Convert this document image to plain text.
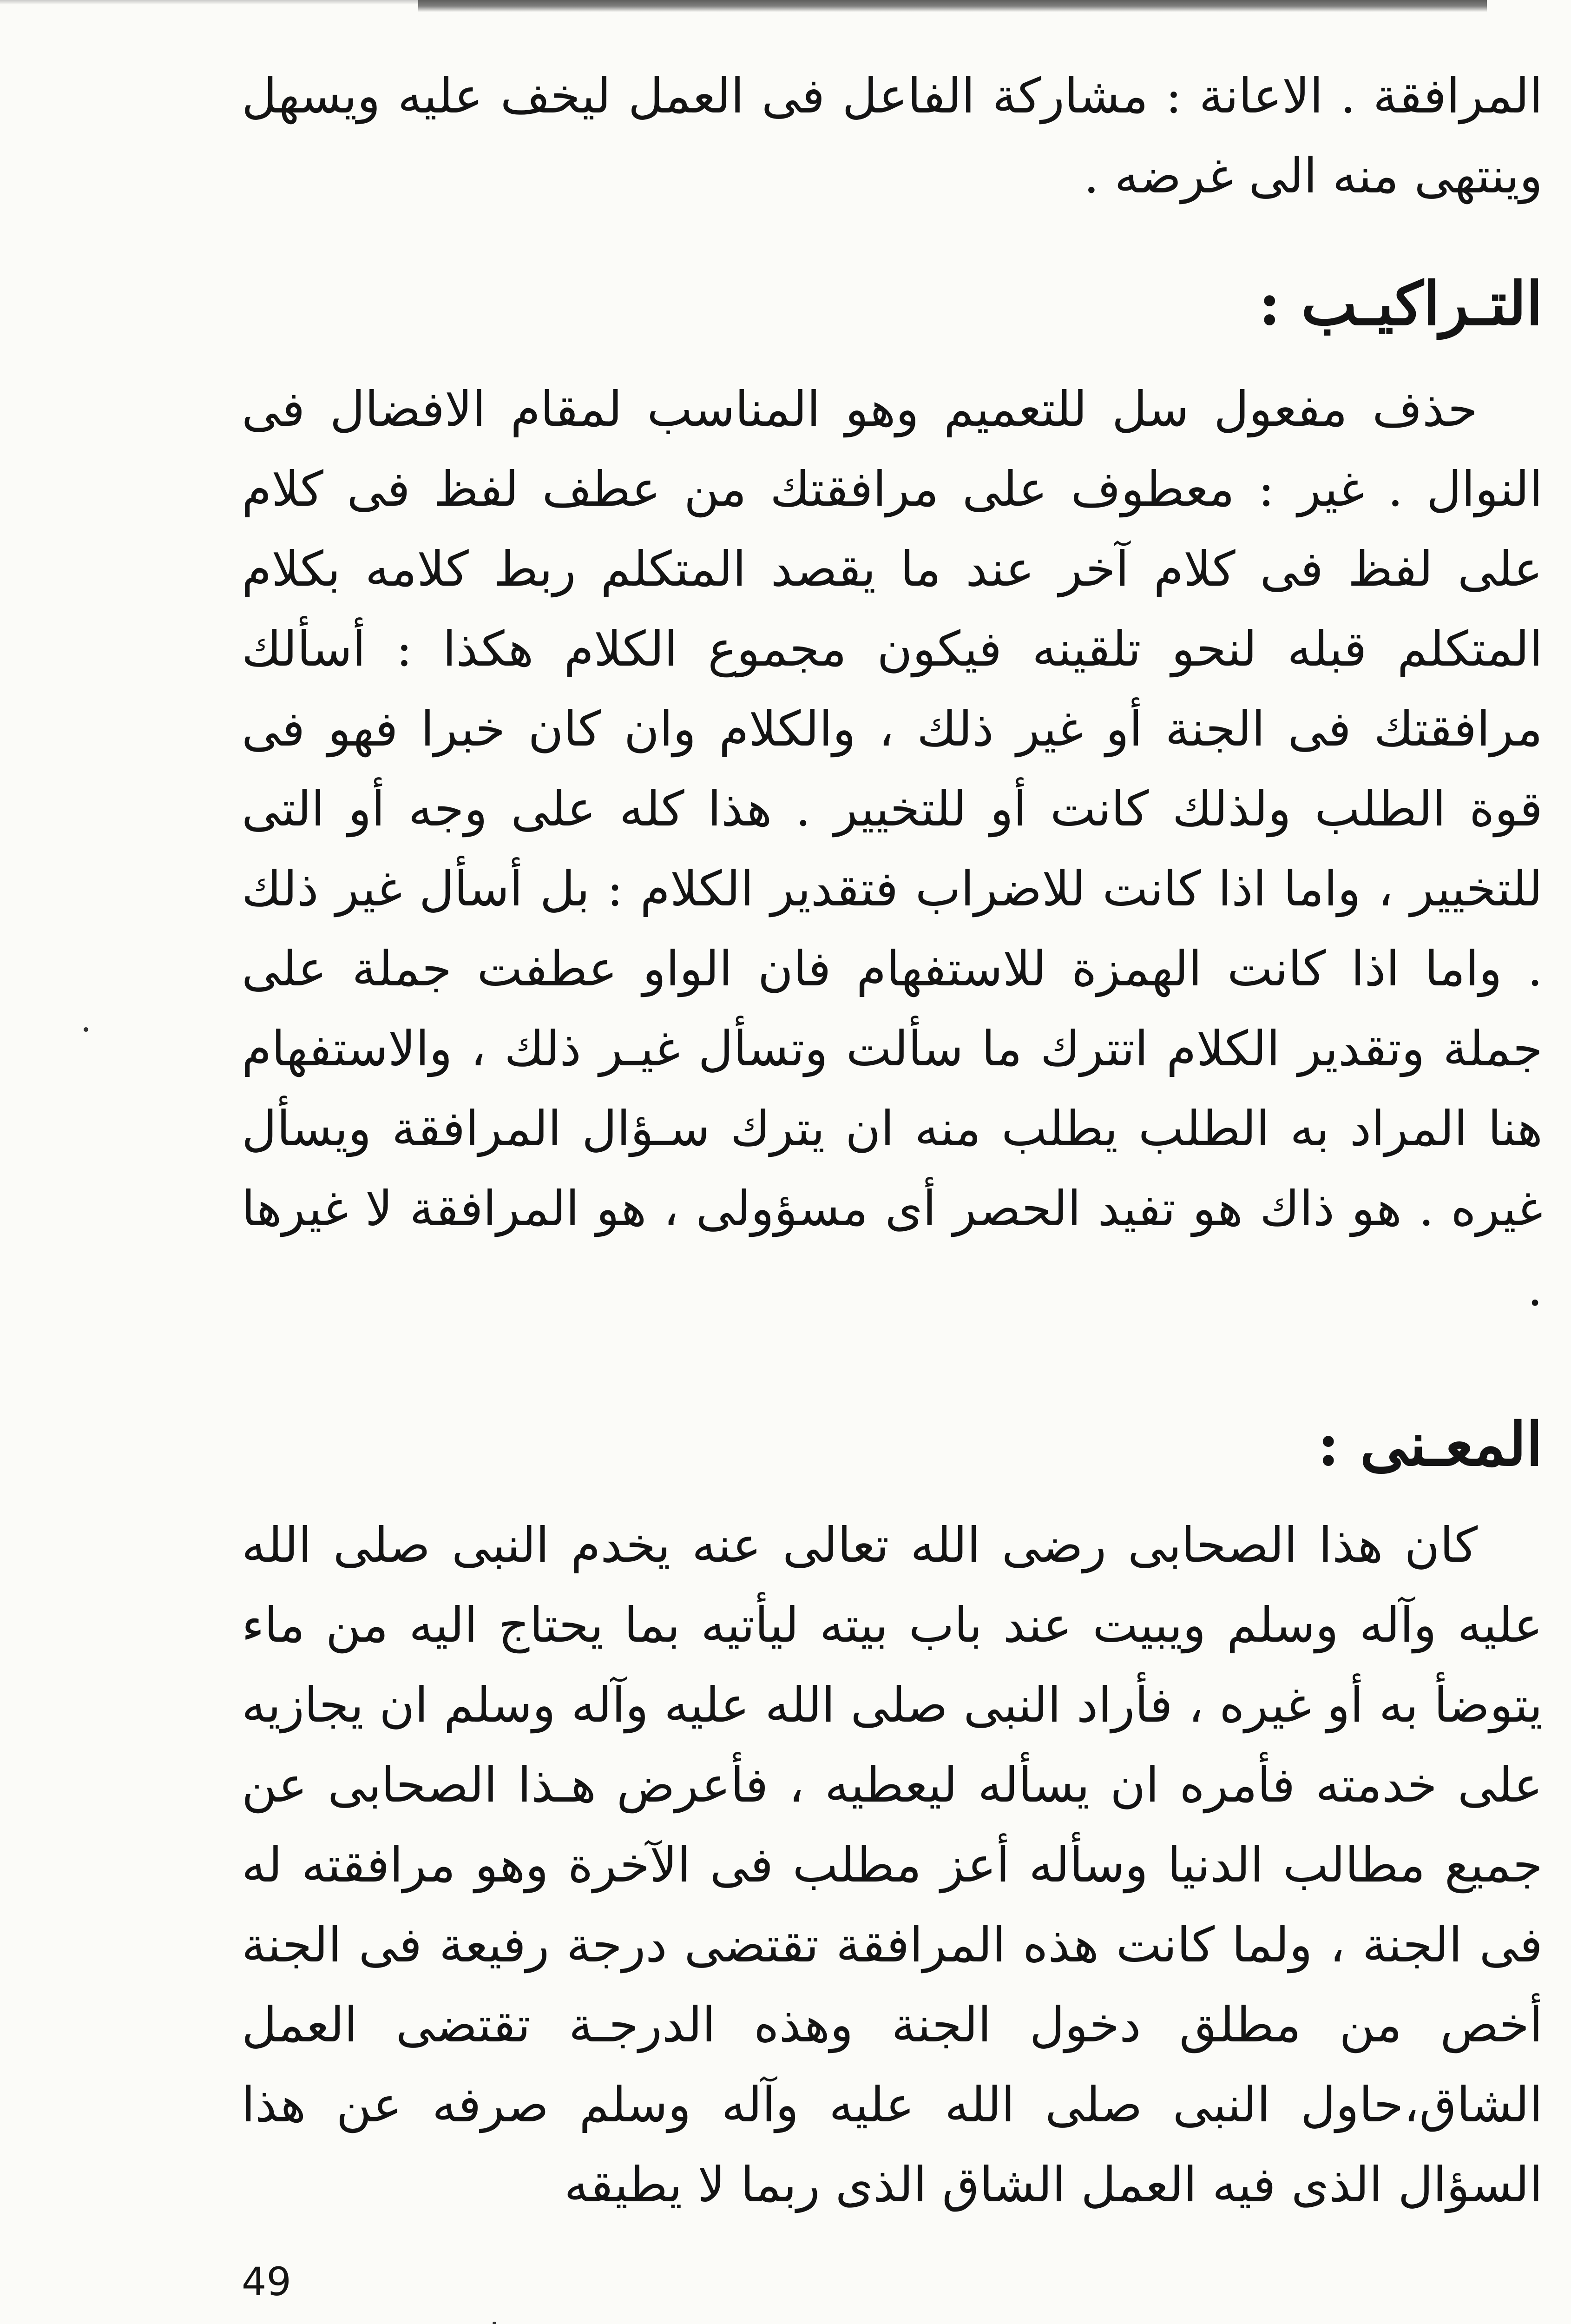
المرافقة . الاعانة : مشاركة الفاعل فى العمل ليخف عليه ويسهل وينتهى منه الى غرضه .

التـراكيـب :

حذف مفعول سل للتعميم وهو المناسب لمقام الافضال فى النوال . غير : معطوف على مرافقتك من عطف لفظ فى كلام على لفظ فى كلام آخر عند ما يقصد المتكلم ربط كلامه بكلام المتكلم قبله لنحو تلقينه فيكون مجموع الكلام هكذا : أسألك مرافقتك فى الجنة أو غير ذلك ، والكلام وان كان خبرا فهو فى قوة الطلب ولذلك كانت أو للتخيير . هذا كله على وجه أو التى للتخيير ، واما اذا كانت للاضراب فتقدير الكلام : بل أسأل غير ذلك . واما اذا كانت الهمزة للاستفهام فان الواو عطفت جملة على جملة وتقدير الكلام اتترك ما سألت وتسأل غيـر ذلك ، والاستفهام هنا المراد به الطلب يطلب منه ان يترك سـؤال المرافقة ويسأل غيره . هو ذاك هو تفيد الحصر أى مسؤولى ، هو المرافقة لا غيرها .

المعـنى :

كان هذا الصحابى رضى الله تعالى عنه يخدم النبى صلى الله عليه وآله وسلم ويبيت عند باب بيته ليأتيه بما يحتاج اليه من ماء يتوضأ به أو غيره ، فأراد النبى صلى الله عليه وآله وسلم ان يجازيه على خدمته فأمره ان يسأله ليعطيه ، فأعرض هـذا الصحابى عن جميع مطالب الدنيا وسأله أعز مطلب فى الآخرة وهو مرافقته له فى الجنة ، ولما كانت هذه المرافقة تقتضى درجة رفيعة فى الجنة أخص من مطلق دخول الجنة وهذه الدرجـة تقتضى العمل الشاق،حاول النبى صلى الله عليه وآله وسلم صرفه عن هذا السؤال الذى فيه العمل الشاق الذى ربما لا يطيقه

49
